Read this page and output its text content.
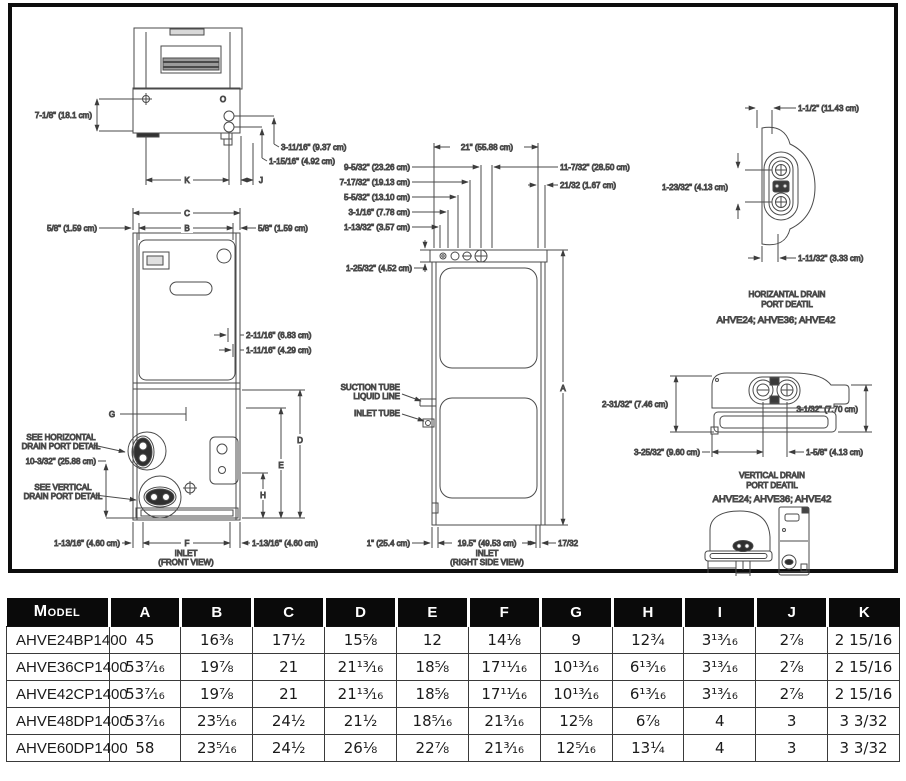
7-1/8" (18.1 cm)
K	J
O
3-11/16" (9.37 cm)
1-15/16" (4.92 cm)
C
B
5/8" (1.59 cm)	5/8" (1.59 cm)
2-11/16" (6.83 cm)
1-11/16" (4.29 cm)
G
SEE HORIZONTAL
DRAIN PORT DETAIL
10-3/32" (25.88 cm)
SEE VERTICAL
DRAIN PORT DETAIL
1-13/16" (4.60 cm)	F	1-13/16" (4.60 cm)
INLET
(FRONT VIEW)
H
E
D
21" (55.88 cm)
9-5/32" (23.26 cm)
7-17/32" (19.13 cm)
5-5/32" (13.10 cm)
3-1/16" (7.78 cm)
1-13/32" (3.57 cm)
11-7/32" (28.50 cm)
21/32 (1.67 cm)
1-25/32" (4.52 cm)
A
SUCTION TUBE
LIQUID LINE
INLET TUBE
1" (25.4 cm)	19.5" (49.53 cm)	17/32
INLET
(RIGHT SIDE VIEW)
1-1/2" (11.43 cm)
1-23/32" (4.13 cm)
1-11/32" (3.33 cm)
HORIZANTAL DRAIN
PORT DEATIL
AHVE24; AHVE36; AHVE42
2-31/32" (7.46 cm)
3-1/32" (7.70 cm)
3-25/32" (9.60 cm)	1-5/8" (4.13 cm)
VERTICAL DRAIN
PORT DEATIL
AHVE24; AHVE36; AHVE42
Model	A	B	C	D	E	F	G	H	I	J	K
AHVE24BP1400	45	16⅜	17½	15⅝	12	14⅛	9	12¾	3¹³⁄₁₆	2⅞	2 15/16
AHVE36CP1400	53⁷⁄₁₆	19⅞	21	21¹³⁄₁₆	18⅝	17¹¹⁄₁₆	10¹³⁄₁₆	6¹³⁄₁₆	3¹³⁄₁₆	2⅞	2 15/16
AHVE42CP1400	53⁷⁄₁₆	19⅞	21	21¹³⁄₁₆	18⅝	17¹¹⁄₁₆	10¹³⁄₁₆	6¹³⁄₁₆	3¹³⁄₁₆	2⅞	2 15/16
AHVE48DP1400	53⁷⁄₁₆	23⁵⁄₁₆	24½	21½	18⁵⁄₁₆	21³⁄₁₆	12⅝	6⅞	4	3	3 3/32
AHVE60DP1400	58	23⁵⁄₁₆	24½	26⅛	22⅞	21³⁄₁₆	12⁵⁄₁₆	13¼	4	3	3 3/32
